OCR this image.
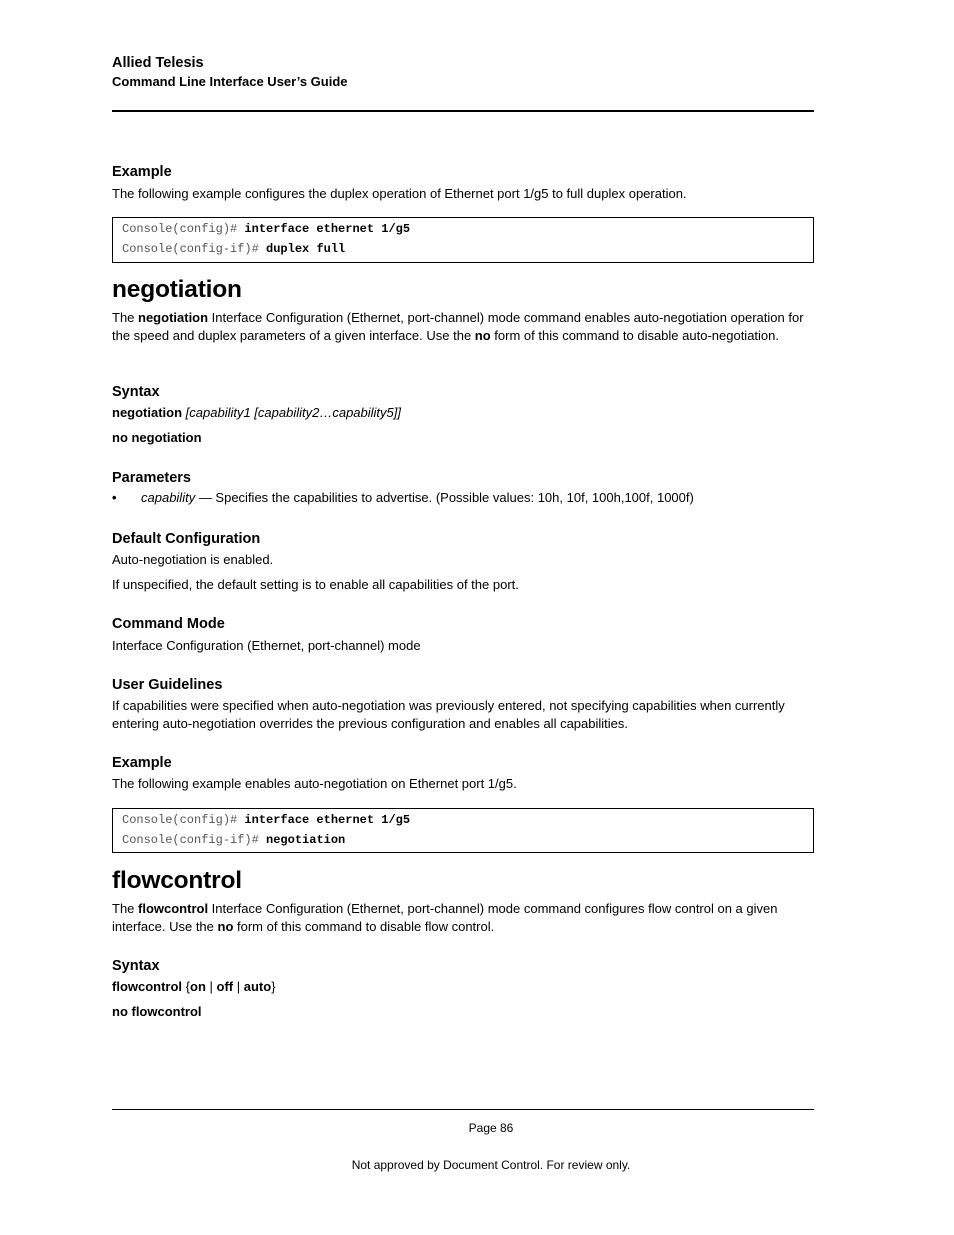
Allied Telesis
Command Line Interface User’s Guide
Example
The following example configures the duplex operation of Ethernet port 1/g5 to full duplex operation.
Console(config)# interface ethernet 1/g5
Console(config-if)# duplex full
negotiation
The negotiation Interface Configuration (Ethernet, port-channel) mode command enables auto-negotiation operation for the speed and duplex parameters of a given interface. Use the no form of this command to disable auto-negotiation.
Syntax
negotiation [capability1 [capability2…capability5]]
no negotiation
Parameters
• capability — Specifies the capabilities to advertise. (Possible values: 10h, 10f, 100h,100f, 1000f)
Default Configuration
Auto-negotiation is enabled.
If unspecified, the default setting is to enable all capabilities of the port.
Command Mode
Interface Configuration (Ethernet, port-channel) mode
User Guidelines
If capabilities were specified when auto-negotiation was previously entered, not specifying capabilities when currently entering auto-negotiation overrides the previous configuration and enables all capabilities.
Example
The following example enables auto-negotiation on Ethernet port 1/g5.
Console(config)# interface ethernet 1/g5
Console(config-if)# negotiation
flowcontrol
The flowcontrol Interface Configuration (Ethernet, port-channel) mode command configures flow control on a given interface. Use the no form of this command to disable flow control.
Syntax
flowcontrol {on | off | auto}
no flowcontrol
Page 86
Not approved by Document Control. For review only.
